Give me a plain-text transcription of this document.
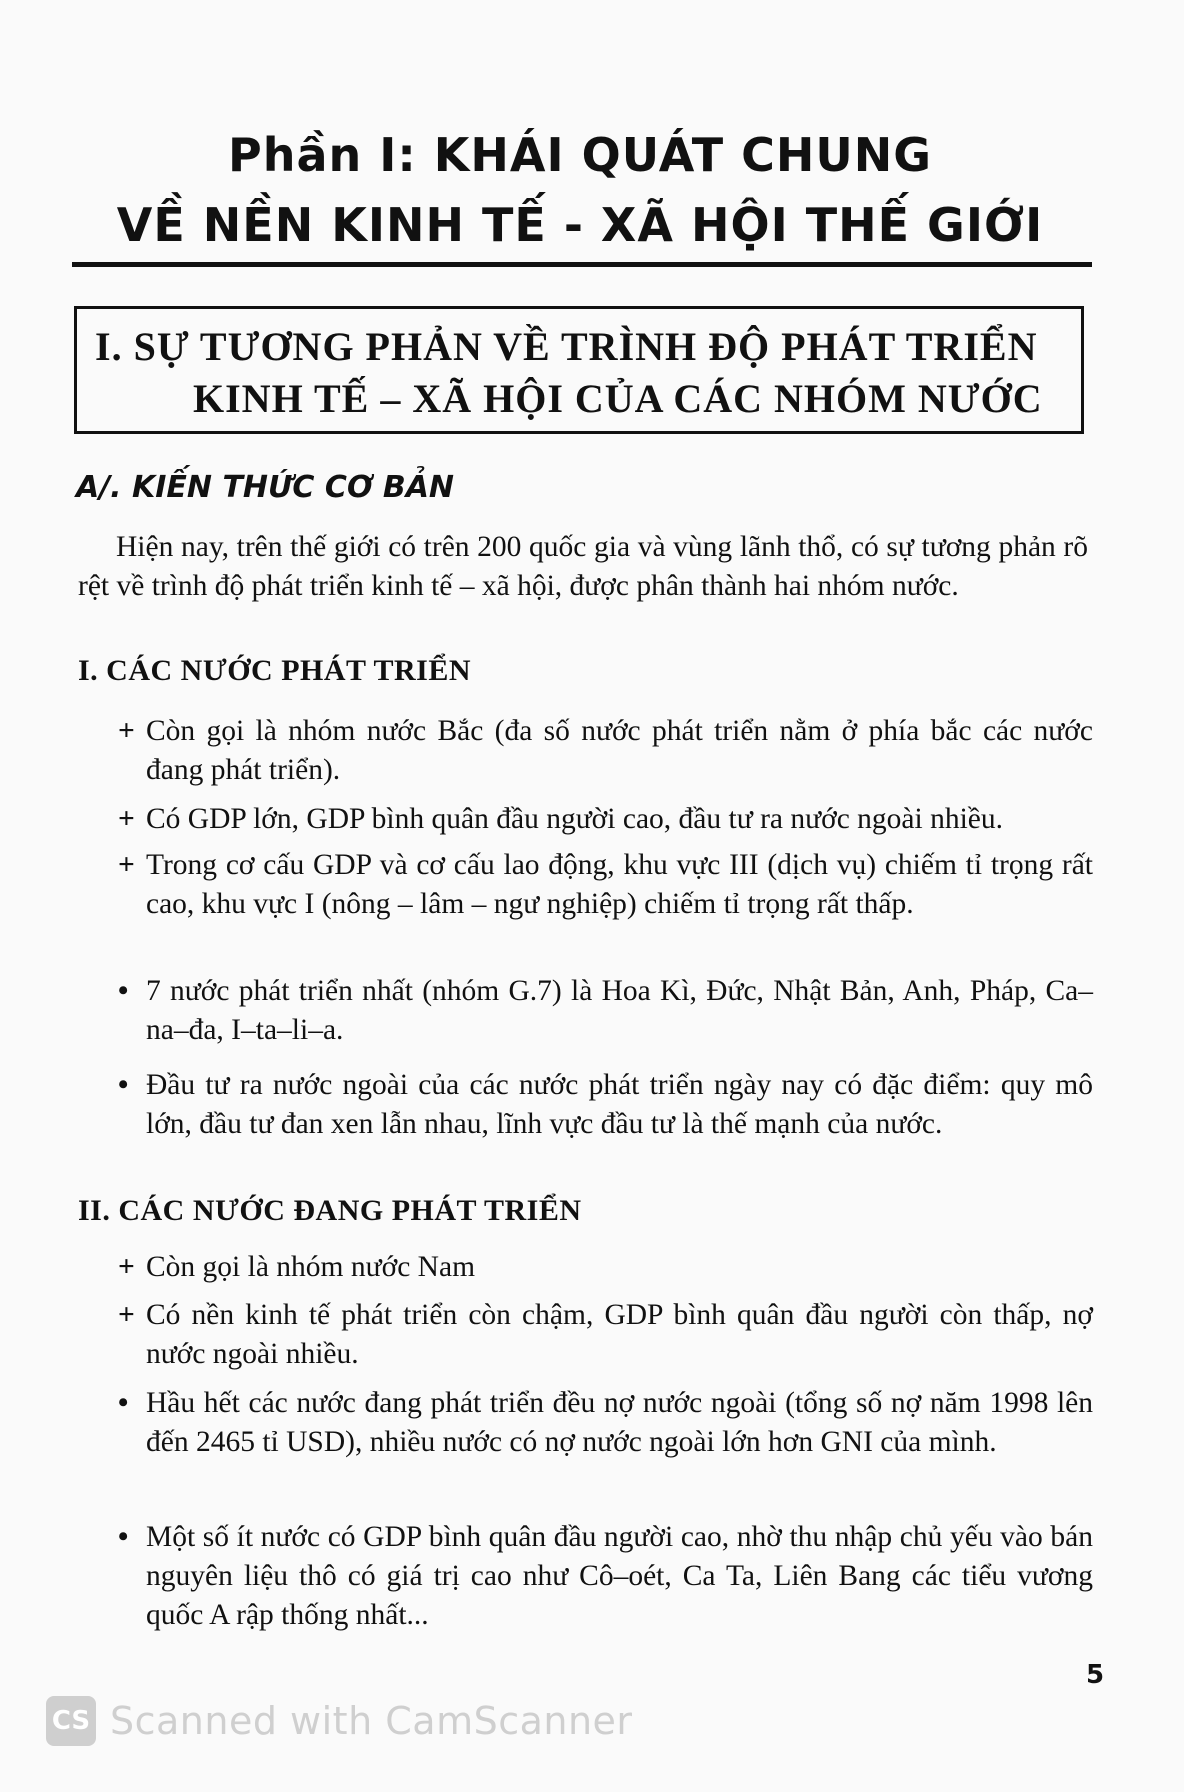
Phần I: KHÁI QUÁT CHUNG
VỀ NỀN KINH TẾ - XÃ HỘI THẾ GIỚI
I. SỰ TƯƠNG PHẢN VỀ TRÌNH ĐỘ PHÁT TRIỂN
KINH TẾ – XÃ HỘI CỦA CÁC NHÓM NƯỚC
A/. KIẾN THỨC CƠ BẢN
Hiện nay, trên thế giới có trên 200 quốc gia và vùng lãnh thổ, có sự tương phản rõ rệt về trình độ phát triển kinh tế – xã hội, được phân thành hai nhóm nước.
I. CÁC NƯỚC PHÁT TRIỂN
+ Còn gọi là nhóm nước Bắc (đa số nước phát triển nằm ở phía bắc các nước đang phát triển).
+ Có GDP lớn, GDP bình quân đầu người cao, đầu tư ra nước ngoài nhiều.
+ Trong cơ cấu GDP và cơ cấu lao động, khu vực III (dịch vụ) chiếm tỉ trọng rất cao, khu vực I (nông – lâm – ngư nghiệp) chiếm tỉ trọng rất thấp.
• 7 nước phát triển nhất (nhóm G.7) là Hoa Kì, Đức, Nhật Bản, Anh, Pháp, Ca–na–đa, I–ta–li–a.
• Đầu tư ra nước ngoài của các nước phát triển ngày nay có đặc điểm: quy mô lớn, đầu tư đan xen lẫn nhau, lĩnh vực đầu tư là thế mạnh của nước.
II. CÁC NƯỚC ĐANG PHÁT TRIỂN
+ Còn gọi là nhóm nước Nam
+ Có nền kinh tế phát triển còn chậm, GDP bình quân đầu người còn thấp, nợ nước ngoài nhiều.
• Hầu hết các nước đang phát triển đều nợ nước ngoài (tổng số nợ năm 1998 lên đến 2465 tỉ USD), nhiều nước có nợ nước ngoài lớn hơn GNI của mình.
• Một số ít nước có GDP bình quân đầu người cao, nhờ thu nhập chủ yếu vào bán nguyên liệu thô có giá trị cao như Cô–oét, Ca Ta, Liên Bang các tiểu vương quốc A rập thống nhất...
5
CS Scanned with CamScanner
